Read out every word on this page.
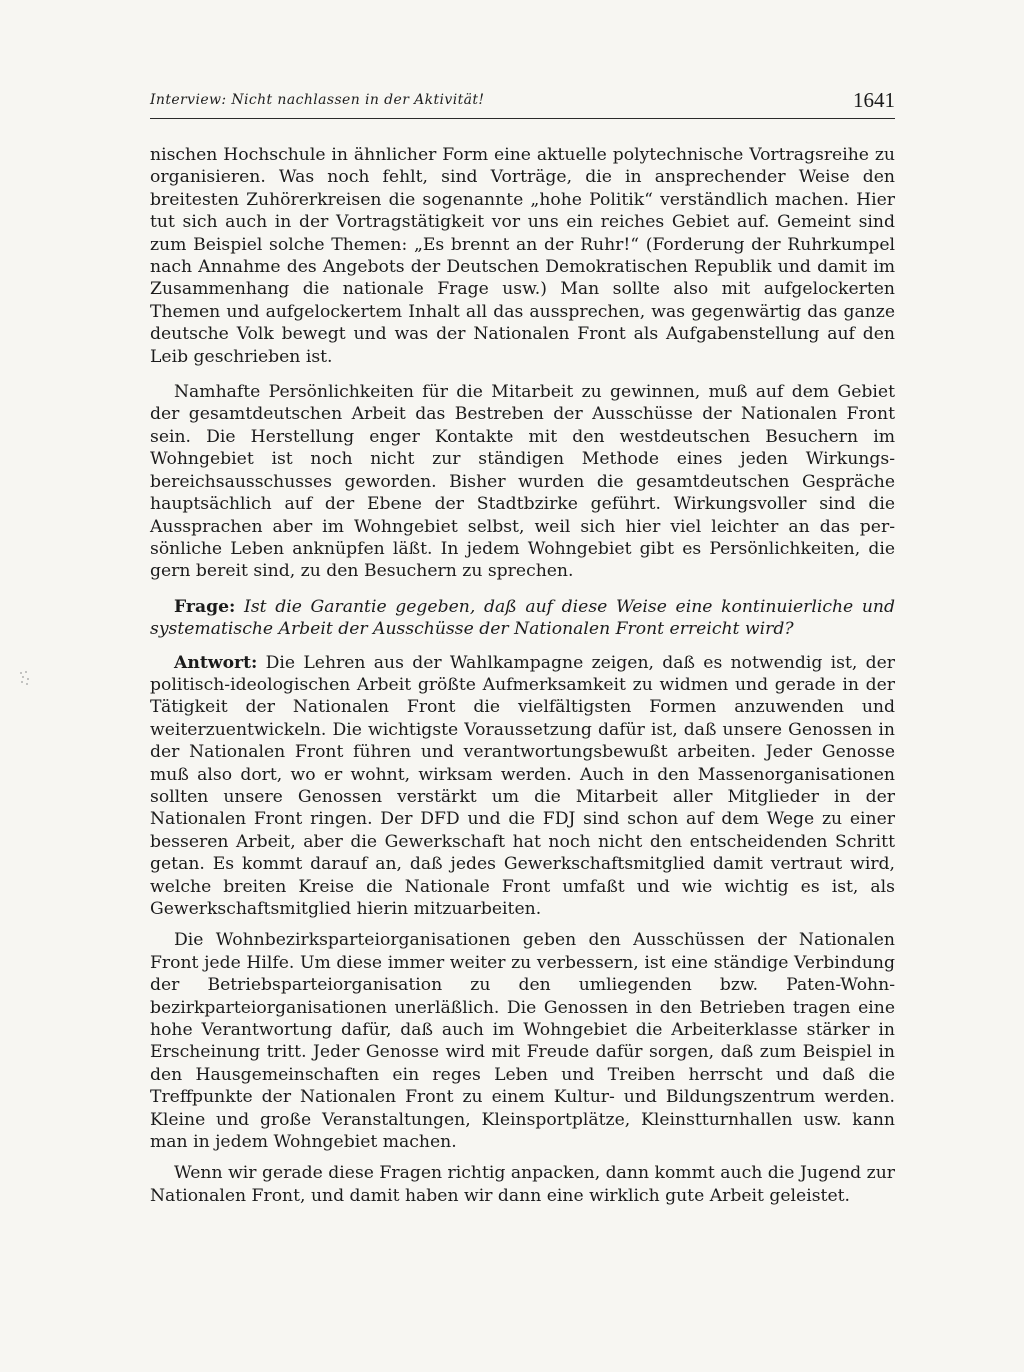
Interview: Nicht nachlassen in der Aktivität!	1641

nischen Hochschule in ähnlicher Form eine aktuelle polytechnische Vortragsreihe zu organisieren. Was noch fehlt, sind Vorträge, die in ansprechender Weise den breitesten Zuhörerkreisen die sogenannte „hohe Politik“ verständlich machen. Hier tut sich auch in der Vortragstätigkeit vor uns ein reiches Gebiet auf. Gemeint sind zum Beispiel solche Themen: „Es brennt an der Ruhr!“ (Forderung der Ruhrkumpel nach Annahme des Angebots der Deutschen Demokratischen Republik und damit im Zusammenhang die nationale Frage usw.) Man sollte also mit aufgelockerten Themen und aufgelockertem Inhalt all das aussprechen, was gegenwärtig das ganze deutsche Volk bewegt und was der Nationalen Front als Aufgabenstellung auf den Leib geschrieben ist.

Namhafte Persönlichkeiten für die Mitarbeit zu gewinnen, muß auf dem Gebiet der gesamtdeutschen Arbeit das Bestreben der Ausschüsse der Nationalen Front sein. Die Herstellung enger Kontakte mit den westdeutschen Besuchern im Wohngebiet ist noch nicht zur ständigen Methode eines jeden Wirkungsbereichsausschusses geworden. Bisher wurden die gesamtdeutschen Gespräche hauptsächlich auf der Ebene der Stadtbzirke geführt. Wirkungsvoller sind die Aussprachen aber im Wohngebiet selbst, weil sich hier viel leichter an das persönliche Leben anknüpfen läßt. In jedem Wohngebiet gibt es Persönlichkeiten, die gern bereit sind, zu den Besuchern zu sprechen.

Frage: Ist die Garantie gegeben, daß auf diese Weise eine kontinuierliche und systematische Arbeit der Ausschüsse der Nationalen Front erreicht wird?

Antwort: Die Lehren aus der Wahlkampagne zeigen, daß es notwendig ist, der politisch-ideologischen Arbeit größte Aufmerksamkeit zu widmen und gerade in der Tätigkeit der Nationalen Front die vielfältigsten Formen anzuwenden und weiterzuentwickeln. Die wichtigste Voraussetzung dafür ist, daß unsere Genossen in der Nationalen Front führen und verantwortungsbewußt arbeiten. Jeder Genosse muß also dort, wo er wohnt, wirksam werden. Auch in den Massenorganisationen sollten unsere Genossen verstärkt um die Mitarbeit aller Mitglieder in der Nationalen Front ringen. Der DFD und die FDJ sind schon auf dem Wege zu einer besseren Arbeit, aber die Gewerkschaft hat noch nicht den entscheidenden Schritt getan. Es kommt darauf an, daß jedes Gewerkschaftsmitglied damit vertraut wird, welche breiten Kreise die Nationale Front umfaßt und wie wichtig es ist, als Gewerkschaftsmitglied hierin mitzuarbeiten.

Die Wohnbezirksparteiorganisationen geben den Ausschüssen der Nationalen Front jede Hilfe. Um diese immer weiter zu verbessern, ist eine ständige Verbindung der Betriebsparteiorganisation zu den umliegenden bzw. Paten-Wohnbezirkparteiorganisationen unerläßlich. Die Genossen in den Betrieben tragen eine hohe Verantwortung dafür, daß auch im Wohngebiet die Arbeiterklasse stärker in Erscheinung tritt. Jeder Genosse wird mit Freude dafür sorgen, daß zum Beispiel in den Hausgemeinschaften ein reges Leben und Treiben herrscht und daß die Treffpunkte der Nationalen Front zu einem Kultur- und Bildungszentrum werden. Kleine und große Veranstaltungen, Kleinsportplätze, Kleinstturnhallen usw. kann man in jedem Wohngebiet machen.

Wenn wir gerade diese Fragen richtig anpacken, dann kommt auch die Jugend zur Nationalen Front, und damit haben wir dann eine wirklich gute Arbeit geleistet.
